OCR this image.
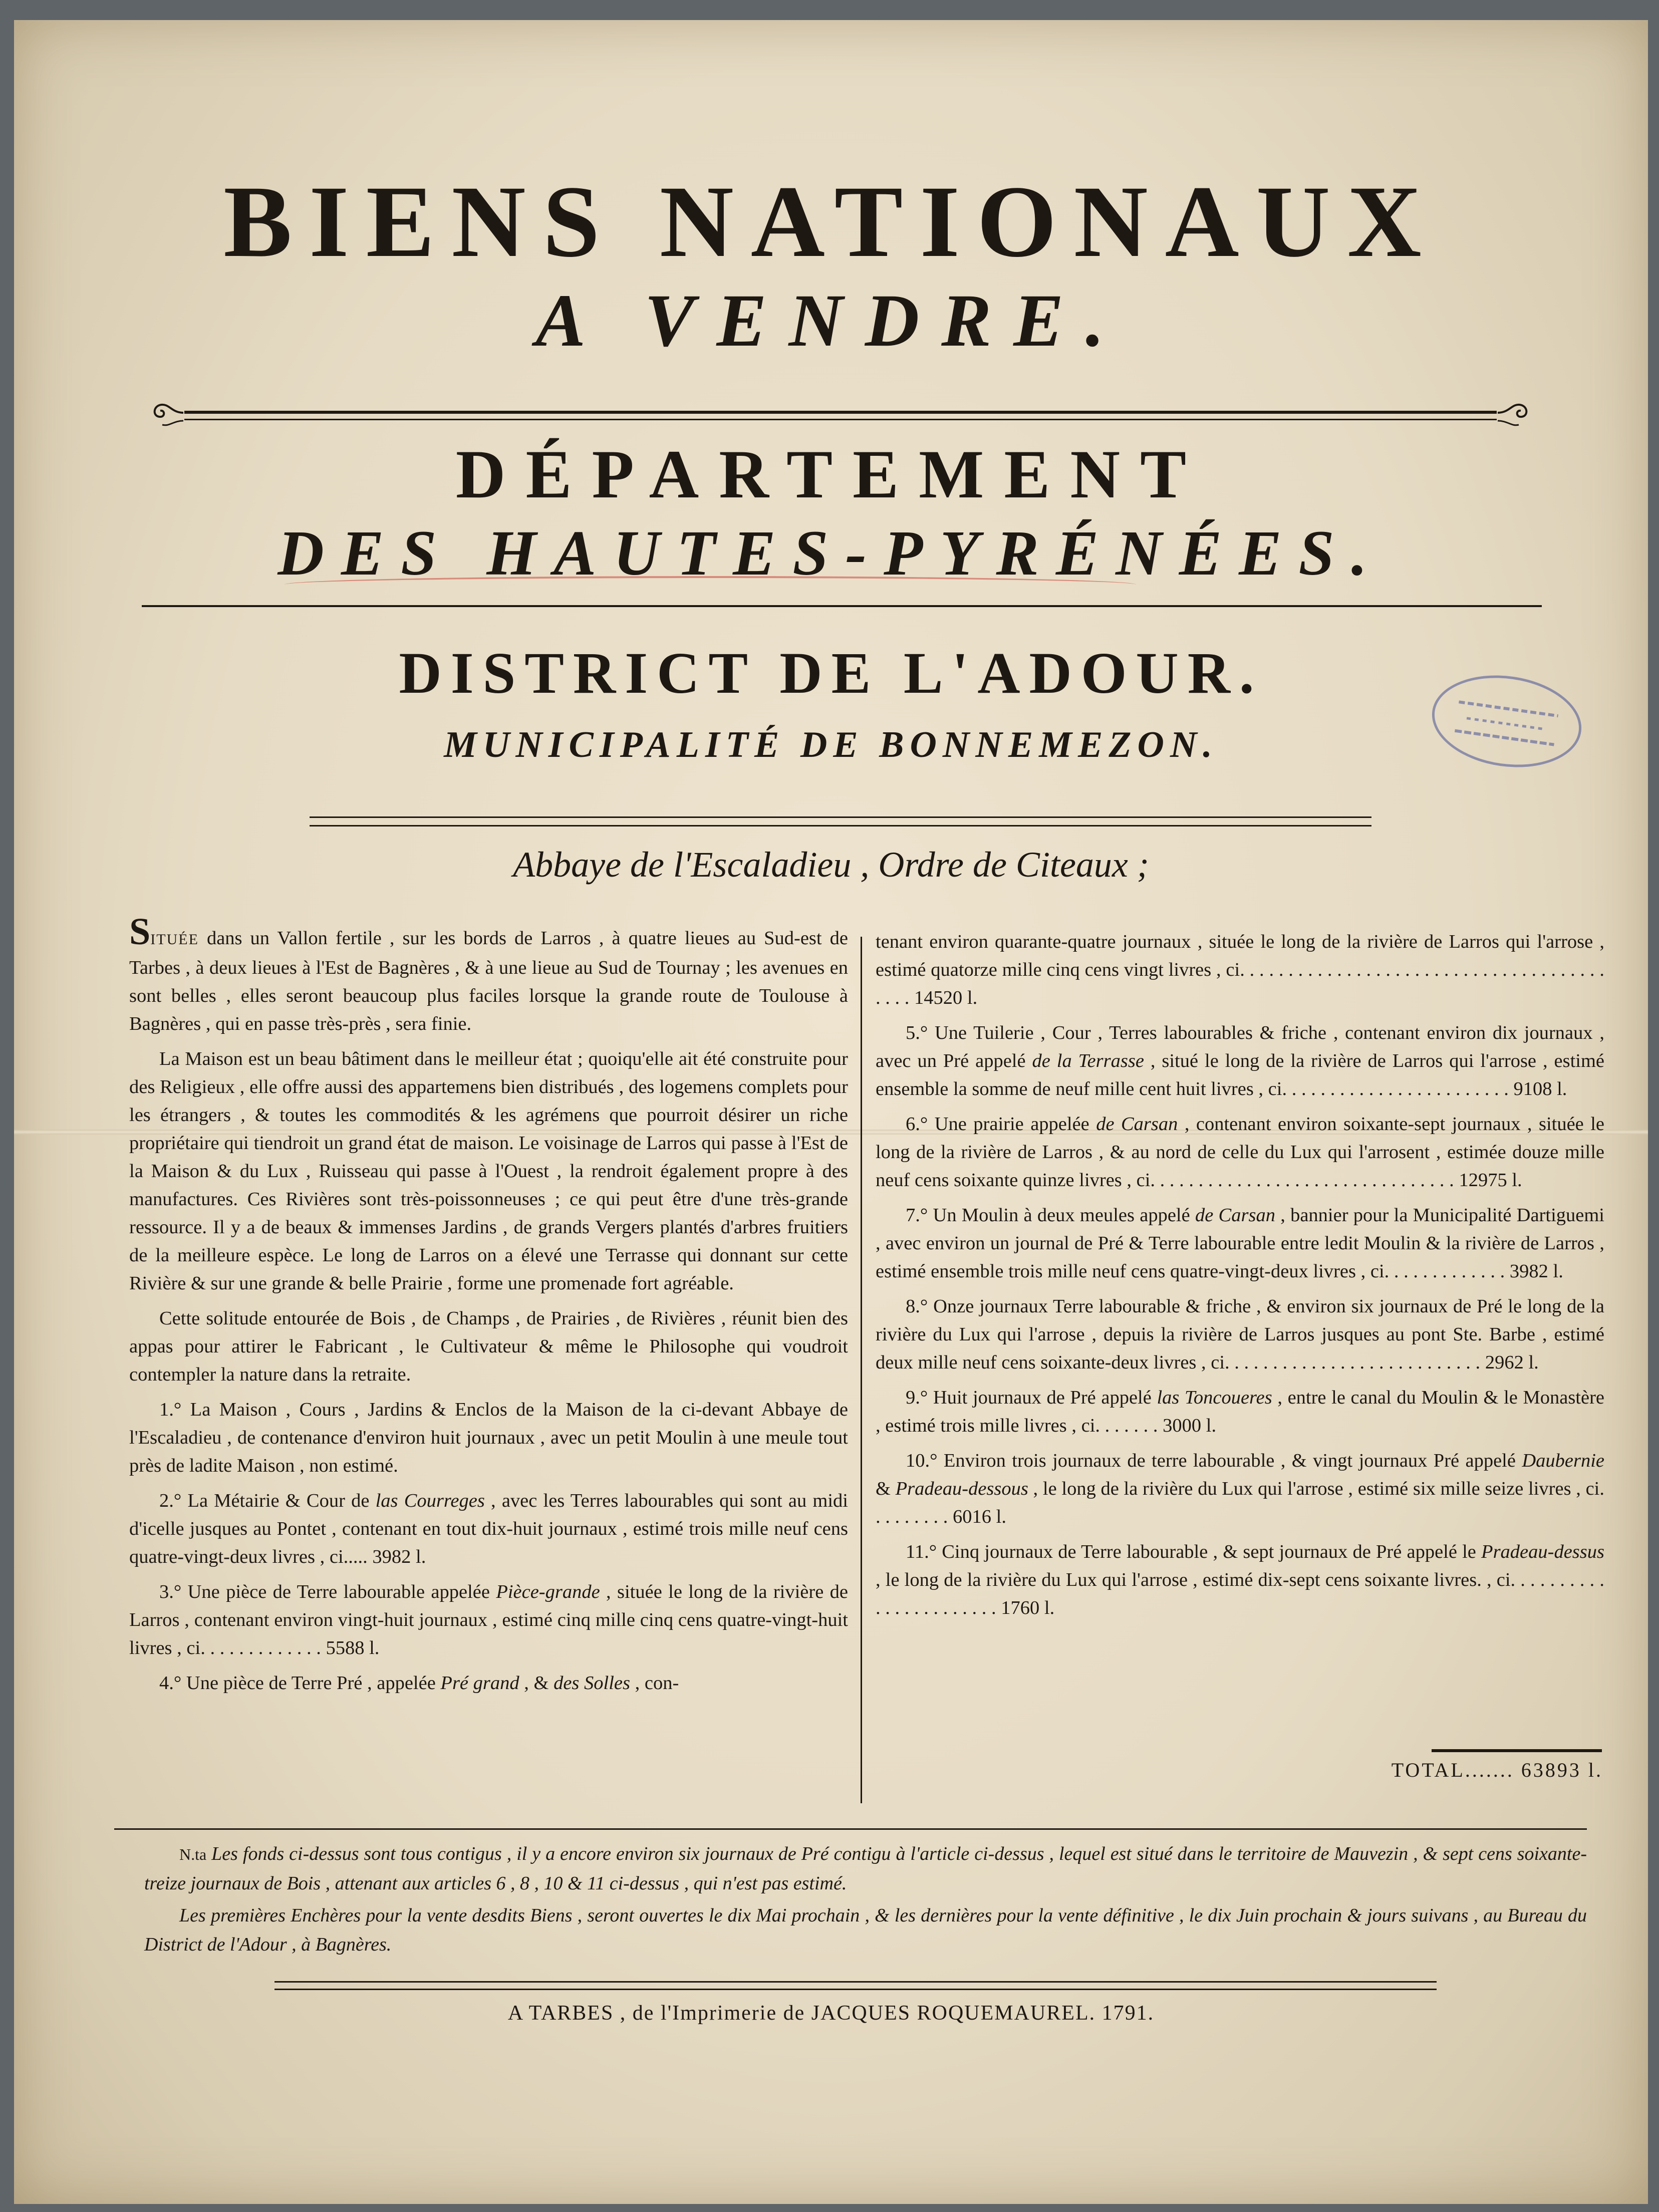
BIENS NATIONAUX
A VENDRE.
DÉPARTEMENT
DES HAUTES-PYRÉNÉES.
DISTRICT DE L'ADOUR.
MUNICIPALITÉ DE BONNEMEZON.
Abbaye de l'Escaladieu , Ordre de Citeaux ;

SITUÉE dans un Vallon fertile , sur les bords de Larros , à quatre lieues au Sud-est de Tarbes , à deux lieues à l'Est de Bagnères , & à une lieue au Sud de Tournay ; les avenues en sont belles , elles seront beaucoup plus faciles lorsque la grande route de Toulouse à Bagnères , qui en passe très-près , sera finie.

La Maison est un beau bâtiment dans le meilleur état ; quoiqu'elle ait été construite pour des Religieux , elle offre aussi des appartemens bien distribués , des logemens complets pour les étrangers , & toutes les commodités & les agrémens que pourroit désirer un riche propriétaire qui tiendroit un grand état de maison. Le voisinage de Larros qui passe à l'Est de la Maison & du Lux , Ruisseau qui passe à l'Ouest , la rendroit également propre à des manufactures. Ces Rivières sont très-poissonneuses ; ce qui peut être d'une très-grande ressource. Il y a de beaux & immenses Jardins , de grands Vergers plantés d'arbres fruitiers de la meilleure espèce. Le long de Larros on a élevé une Terrasse qui donnant sur cette Rivière & sur une grande & belle Prairie , forme une promenade fort agréable.

Cette solitude entourée de Bois , de Champs , de Prairies , de Rivières , réunit bien des appas pour attirer le Fabricant , le Cultivateur & même le Philosophe qui voudroit contempler la nature dans la retraite.

1.° La Maison , Cours , Jardins & Enclos de la Maison de la ci-devant Abbaye de l'Escaladieu , de contenance d'environ huit journaux , avec un petit Moulin à une meule tout près de ladite Maison , non estimé.

2.° La Métairie & Cour de las Courreges , avec les Terres labourables qui sont au midi d'icelle jusques au Pontet , contenant en tout dix-huit journaux , estimé trois mille neuf cens quatre-vingt-deux livres , ci..... 3982 l.

3.° Une pièce de Terre labourable appelée Pièce-grande , située le long de la rivière de Larros , contenant environ vingt-huit journaux , estimé cinq mille cinq cens quatre-vingt-huit livres , ci. . . . . . . . . . . . . 5588 l.

4.° Une pièce de Terre Pré , appelée Pré grand , & des Solles , con-

tenant environ quarante-quatre journaux , située le long de la rivière de Larros qui l'arrose , estimé quatorze mille cinq cens vingt livres , ci. . . . . . . . . . . . . . . . . . . . . . . . . . . . . . . . . . . . . . . . . . 14520 l.

5.° Une Tuilerie , Cour , Terres labourables & friche , contenant environ dix journaux , avec un Pré appelé de la Terrasse , situé le long de la rivière de Larros qui l'arrose , estimé ensemble la somme de neuf mille cent huit livres , ci. . . . . . . . . . . . . . . . . . . . . . . . 9108 l.

6.° Une prairie appelée de Carsan , contenant environ soixante-sept journaux , située le long de la rivière de Larros , & au nord de celle du Lux qui l'arrosent , estimée douze mille neuf cens soixante quinze livres , ci. . . . . . . . . . . . . . . . . . . . . . . . . . . . . . . . 12975 l.

7.° Un Moulin à deux meules appelé de Carsan , bannier pour la Municipalité Dartiguemi , avec environ un journal de Pré & Terre labourable entre ledit Moulin & la rivière de Larros , estimé ensemble trois mille neuf cens quatre-vingt-deux livres , ci. . . . . . . . . . . . . 3982 l.

8.° Onze journaux Terre labourable & friche , & environ six journaux de Pré le long de la rivière du Lux qui l'arrose , depuis la rivière de Larros jusques au pont Ste. Barbe , estimé deux mille neuf cens soixante-deux livres , ci. . . . . . . . . . . . . . . . . . . . . . . . . . . 2962 l.

9.° Huit journaux de Pré appelé las Toncoueres , entre le canal du Moulin & le Monastère , estimé trois mille livres , ci. . . . . . . 3000 l.

10.° Environ trois journaux de terre labourable , & vingt journaux Pré appelé Daubernie & Pradeau-dessous , le long de la rivière du Lux qui l'arrose , estimé six mille seize livres , ci. . . . . . . . . 6016 l.

11.° Cinq journaux de Terre labourable , & sept journaux de Pré appelé le Pradeau-dessus , le long de la rivière du Lux qui l'arrose , estimé dix-sept cens soixante livres. , ci. . . . . . . . . . . . . . . . . . . . . . . 1760 l.

TOTAL....... 63893 l.

N.ta Les fonds ci-dessus sont tous contigus , il y a encore environ six journaux de Pré contigu à l'article ci-dessus , lequel est situé dans le territoire de Mauvezin , & sept cens soixante-treize journaux de Bois , attenant aux articles 6 , 8 , 10 & 11 ci-dessus , qui n'est pas estimé.

Les premières Enchères pour la vente desdits Biens , seront ouvertes le dix Mai prochain , & les dernières pour la vente définitive , le dix Juin prochain & jours suivans , au Bureau du District de l'Adour , à Bagnères.

A TARBES , de l'Imprimerie de JACQUES ROQUEMAUREL. 1791.
